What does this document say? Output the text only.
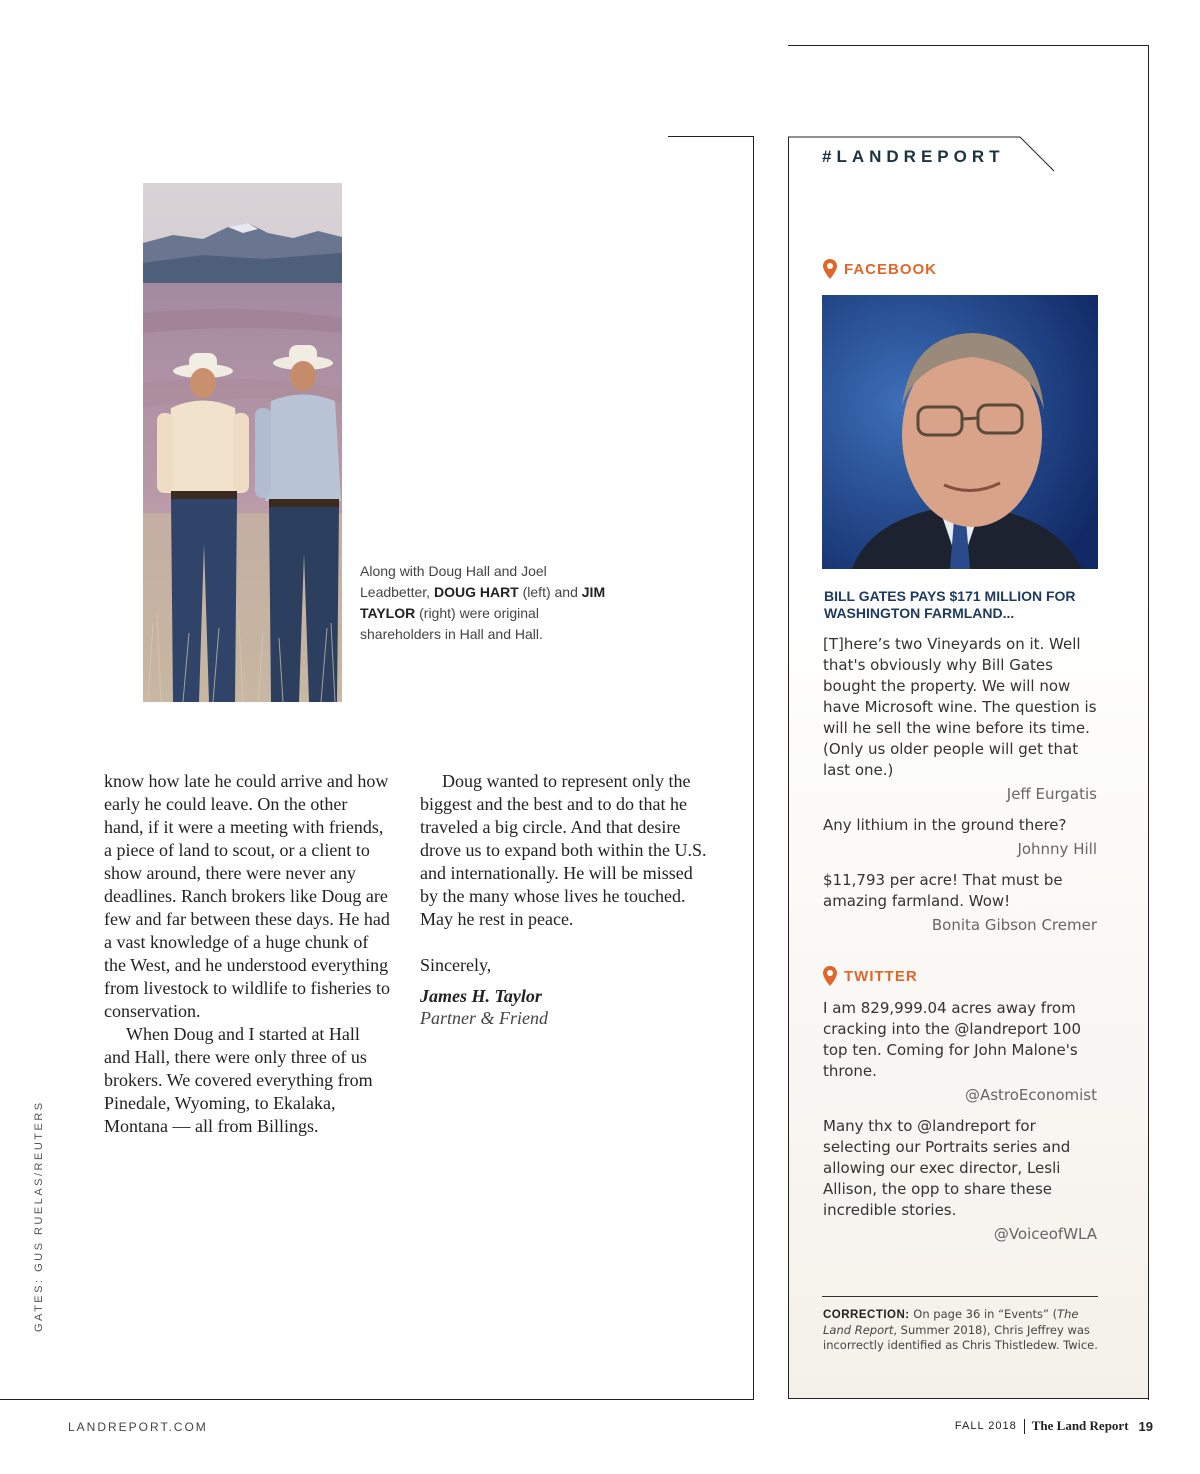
Along with Doug Hall and Joel Leadbetter, DOUG HART (left) and JIM TAYLOR (right) were original shareholders in Hall and Hall.

know how late he could arrive and how early he could leave. On the other hand, if it were a meeting with friends, a piece of land to scout, or a client to show around, there were never any deadlines. Ranch brokers like Doug are few and far between these days. He had a vast knowledge of a huge chunk of the West, and he understood everything from livestock to wildlife to fisheries to conservation.

When Doug and I started at Hall and Hall, there were only three of us brokers. We covered everything from Pinedale, Wyoming, to Ekalaka, Montana — all from Billings.

Doug wanted to represent only the biggest and the best and to do that he traveled a big circle. And that desire drove us to expand both within the U.S. and internationally. He will be missed by the many whose lives he touched. May he rest in peace.

Sincerely,

James H. Taylor

Partner & Friend

GATES: GUS RUELAS/REUTERS
#LANDREPORT
FACEBOOK
BILL GATES PAYS $171 MILLION FOR WASHINGTON FARMLAND...
[T]here’s two Vineyards on it. Well that's obviously why Bill Gates bought the property. We will now have Microsoft wine. The question is will he sell the wine before its time. (Only us older people will get that last one.)
Jeff Eurgatis
Any lithium in the ground there?
Johnny Hill
$11,793 per acre! That must be amazing farmland. Wow!
Bonita Gibson Cremer
TWITTER
I am 829,999.04 acres away from cracking into the @landreport 100 top ten. Coming for John Malone's throne.
@AstroEconomist
Many thx to @landreport for selecting our Portraits series and allowing our exec director, Lesli Allison, the opp to share these incredible stories.
@VoiceofWLA
CORRECTION: On page 36 in “Events” (The Land Report, Summer 2018), Chris Jeffrey was incorrectly identified as Chris Thistledew. Twice.
LANDREPORT.COM	FALL 2018 The Land Report 19
